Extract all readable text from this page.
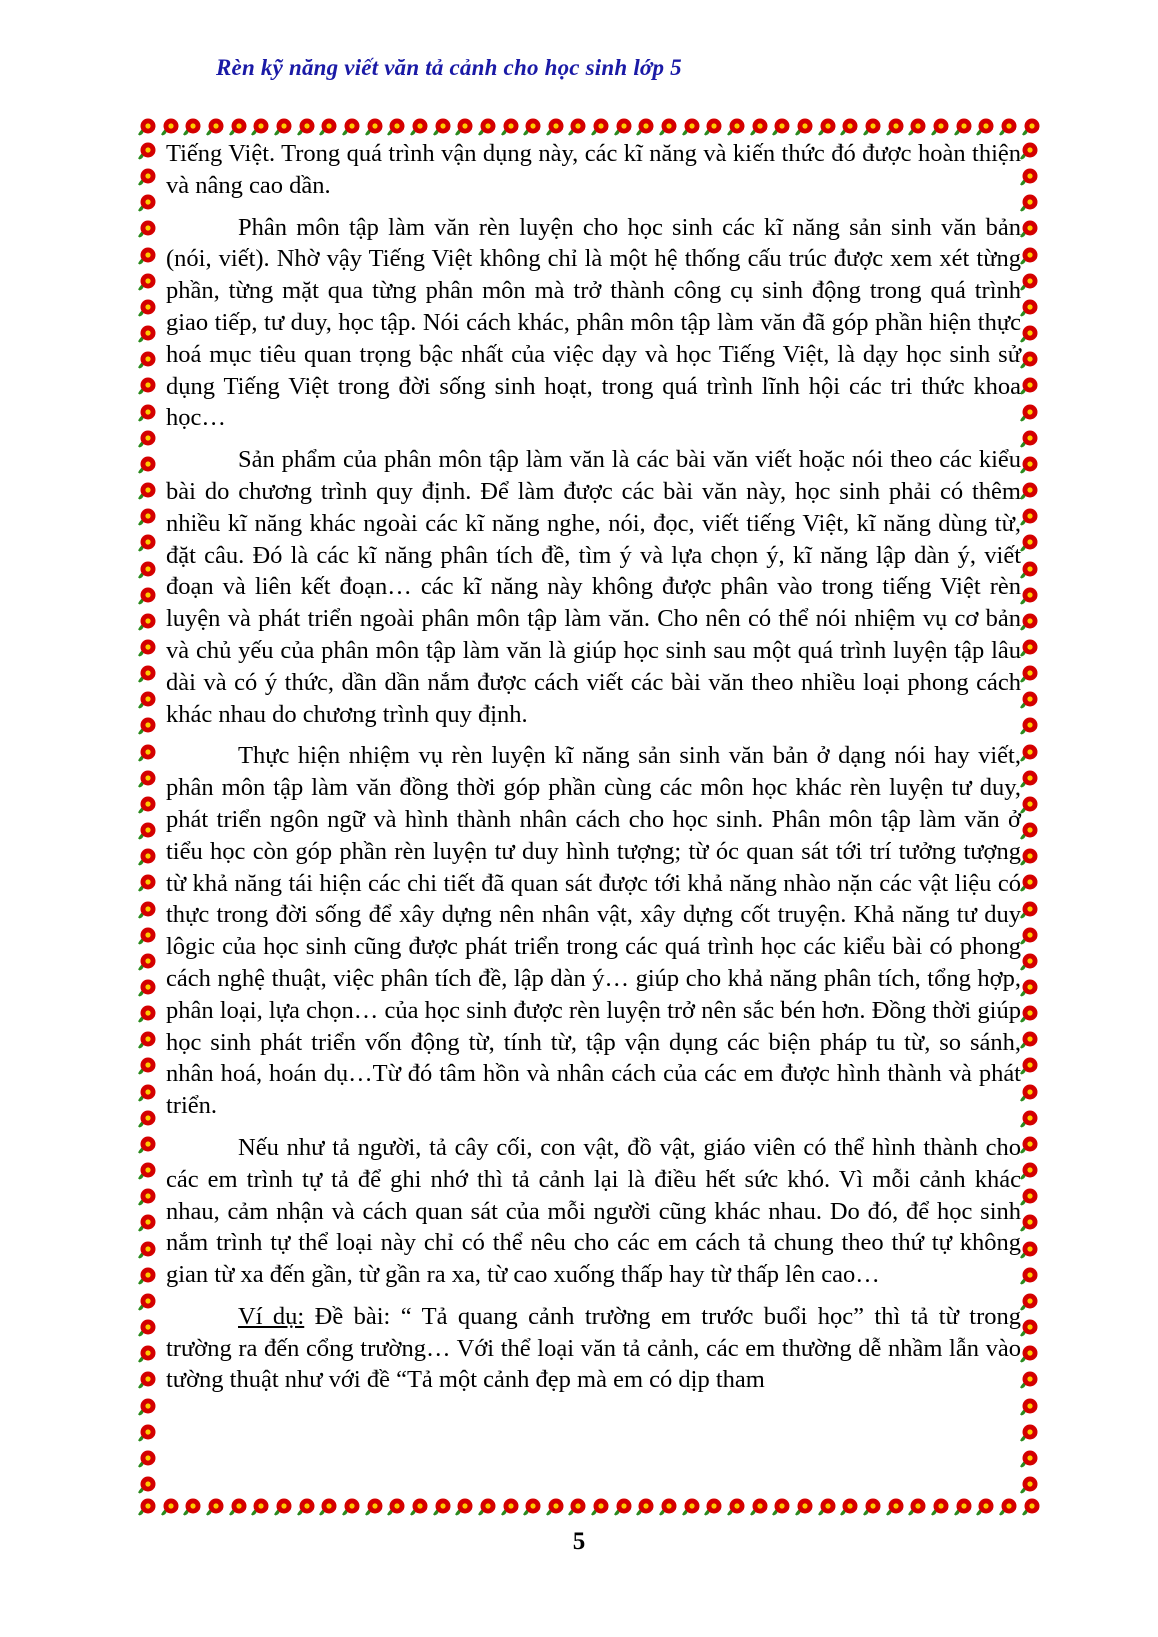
Rèn kỹ năng viết văn tả cảnh cho học sinh lớp 5

Tiếng Việt. Trong quá trình vận dụng này, các kĩ năng và kiến thức đó được hoàn thiện và nâng cao dần.

Phân môn tập làm văn rèn luyện cho học sinh các kĩ năng sản sinh văn bản (nói, viết). Nhờ vậy Tiếng Việt không chỉ là một hệ thống cấu trúc được xem xét từng phần, từng mặt qua từng phân môn mà trở thành công cụ sinh động trong quá trình giao tiếp, tư duy, học tập. Nói cách khác, phân môn tập làm văn đã góp phần hiện thực hoá mục tiêu quan trọng bậc nhất của việc dạy và học Tiếng Việt, là dạy học sinh sử dụng Tiếng Việt trong đời sống sinh hoạt, trong quá trình lĩnh hội các tri thức khoa học…

Sản phẩm của phân môn tập làm văn là các bài văn viết hoặc nói theo các kiểu bài do chương trình quy định. Để làm được các bài văn này, học sinh phải có thêm nhiều kĩ năng khác ngoài các kĩ năng nghe, nói, đọc, viết tiếng Việt, kĩ năng dùng từ, đặt câu. Đó là các kĩ năng phân tích đề, tìm ý và lựa chọn ý, kĩ năng lập dàn ý, viết đoạn và liên kết đoạn… các kĩ năng này không được phân vào trong tiếng Việt rèn luyện và phát triển ngoài phân môn tập làm văn. Cho nên có thể nói nhiệm vụ cơ bản và chủ yếu của phân môn tập làm văn là giúp học sinh sau một quá trình luyện tập lâu dài và có ý thức, dần dần nắm được cách viết các bài văn theo nhiều loại phong cách khác nhau do chương trình quy định.

Thực hiện nhiệm vụ rèn luyện kĩ năng sản sinh văn bản ở dạng nói hay viết, phân môn tập làm văn đồng thời góp phần cùng các môn học khác rèn luyện tư duy, phát triển ngôn ngữ và hình thành nhân cách cho học sinh. Phân môn tập làm văn ở tiểu học còn góp phần rèn luyện tư duy hình tượng; từ óc quan sát tới trí tưởng tượng từ khả năng tái hiện các chi tiết đã quan sát được tới khả năng nhào nặn các vật liệu có thực trong đời sống để xây dựng nên nhân vật, xây dựng cốt truyện. Khả năng tư duy lôgic của học sinh cũng được phát triển trong các quá trình học các kiểu bài có phong cách nghệ thuật, việc phân tích đề, lập dàn ý… giúp cho khả năng phân tích, tổng hợp, phân loại, lựa chọn… của học sinh được rèn luyện trở nên sắc bén hơn. Đồng thời giúp học sinh phát triển vốn động từ, tính từ, tập vận dụng các biện pháp tu từ, so sánh, nhân hoá, hoán dụ…Từ đó tâm hồn và nhân cách của các em được hình thành và phát triển.

Nếu như tả người, tả cây cối, con vật, đồ vật, giáo viên có thể hình thành cho các em trình tự tả để ghi nhớ thì tả cảnh lại là điều hết sức khó. Vì mỗi cảnh khác nhau, cảm nhận và cách quan sát của mỗi người cũng khác nhau. Do đó, để học sinh nắm trình tự thể loại này chỉ có thể nêu cho các em cách tả chung theo thứ tự không gian từ xa đến gần, từ gần ra xa, từ cao xuống thấp hay từ thấp lên cao…

Ví dụ: Đề bài: “ Tả quang cảnh trường em trước buổi học” thì tả từ trong trường ra đến cổng trường… Với thể loại văn tả cảnh, các em thường dễ nhầm lẫn vào tường thuật như với đề “Tả một cảnh đẹp mà em có dịp tham

5
